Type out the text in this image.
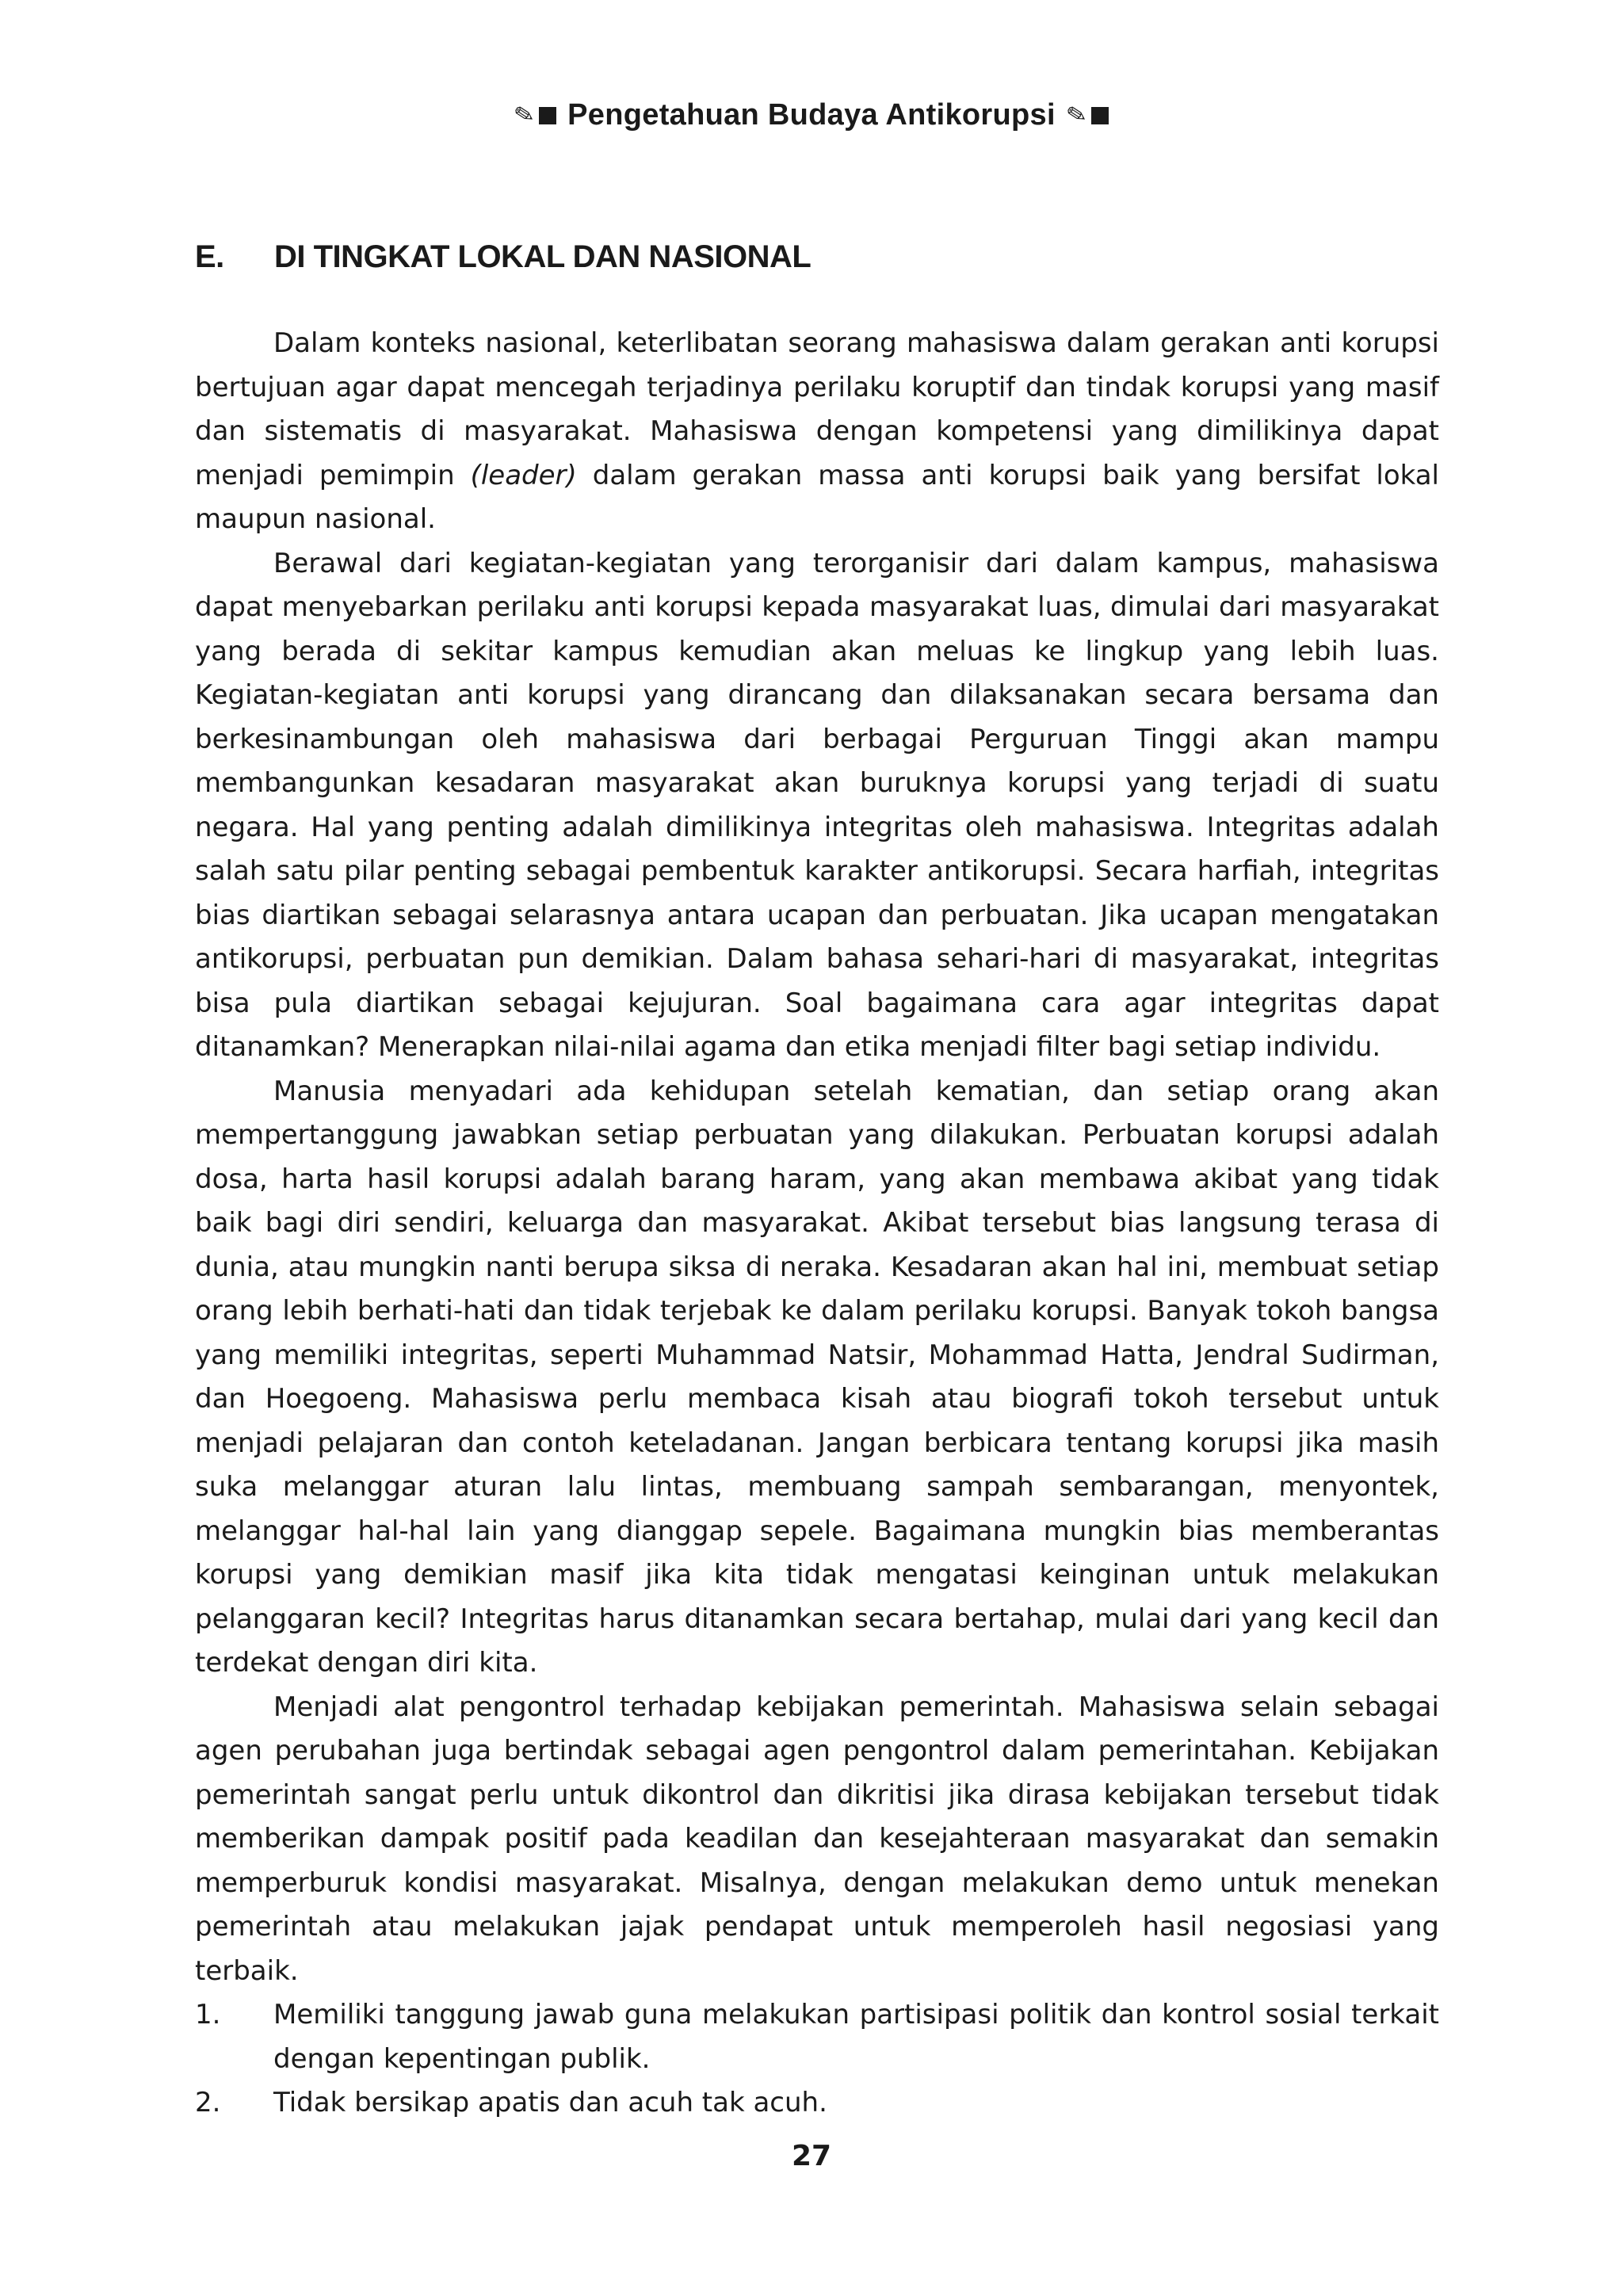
✎ Pengetahuan Budaya Antikorupsi ✎
E.	DI TINGKAT LOKAL DAN NASIONAL

Dalam konteks nasional, keterlibatan seorang mahasiswa dalam gerakan anti korupsi bertujuan agar dapat mencegah terjadinya perilaku koruptif dan tindak korupsi yang masif dan sistematis di masyarakat. Mahasiswa dengan kompetensi yang dimilikinya dapat menjadi pemimpin (leader) dalam gerakan massa anti korupsi baik yang bersifat lokal maupun nasional.

Berawal dari kegiatan-kegiatan yang terorganisir dari dalam kampus, mahasiswa dapat menyebarkan perilaku anti korupsi kepada masyarakat luas, dimulai dari masyarakat yang berada di sekitar kampus kemudian akan meluas ke lingkup yang lebih luas. Kegiatan-kegiatan anti korupsi yang dirancang dan dilaksanakan secara bersama dan berkesinambungan oleh mahasiswa dari berbagai Perguruan Tinggi akan mampu membangunkan kesadaran masyarakat akan buruknya korupsi yang terjadi di suatu negara. Hal yang penting adalah dimilikinya integritas oleh mahasiswa. Integritas adalah salah satu pilar penting sebagai pembentuk karakter antikorupsi. Secara harfiah, integritas bias diartikan sebagai selarasnya antara ucapan dan perbuatan. Jika ucapan mengatakan antikorupsi, perbuatan pun demikian. Dalam bahasa sehari-hari di masyarakat, integritas bisa pula diartikan sebagai kejujuran. Soal bagaimana cara agar integritas dapat ditanamkan? Menerapkan nilai-nilai agama dan etika menjadi filter bagi setiap individu.

Manusia menyadari ada kehidupan setelah kematian, dan setiap orang akan mempertanggung jawabkan setiap perbuatan yang dilakukan. Perbuatan korupsi adalah dosa, harta hasil korupsi adalah barang haram, yang akan membawa akibat yang tidak baik bagi diri sendiri, keluarga dan masyarakat. Akibat tersebut bias langsung terasa di dunia, atau mungkin nanti berupa siksa di neraka. Kesadaran akan hal ini, membuat setiap orang lebih berhati-hati dan tidak terjebak ke dalam perilaku korupsi. Banyak tokoh bangsa yang memiliki integritas, seperti Muhammad Natsir, Mohammad Hatta, Jendral Sudirman, dan Hoegoeng. Mahasiswa perlu membaca kisah atau biografi tokoh tersebut untuk menjadi pelajaran dan contoh keteladanan. Jangan berbicara tentang korupsi jika masih suka melanggar aturan lalu lintas, membuang sampah sembarangan, menyontek, melanggar hal-hal lain yang dianggap sepele. Bagaimana mungkin bias memberantas korupsi yang demikian masif jika kita tidak mengatasi keinginan untuk melakukan pelanggaran kecil? Integritas harus ditanamkan secara bertahap, mulai dari yang kecil dan terdekat dengan diri kita.

Menjadi alat pengontrol terhadap kebijakan pemerintah. Mahasiswa selain sebagai agen perubahan juga bertindak sebagai agen pengontrol dalam pemerintahan. Kebijakan pemerintah sangat perlu untuk dikontrol dan dikritisi jika dirasa kebijakan tersebut tidak memberikan dampak positif pada keadilan dan kesejahteraan masyarakat dan semakin memperburuk kondisi masyarakat. Misalnya, dengan melakukan demo untuk menekan pemerintah atau melakukan jajak pendapat untuk memperoleh hasil negosiasi yang terbaik.

1.	Memiliki tanggung jawab guna melakukan partisipasi politik dan kontrol sosial terkait dengan kepentingan publik.
2.	Tidak bersikap apatis dan acuh tak acuh.
27
